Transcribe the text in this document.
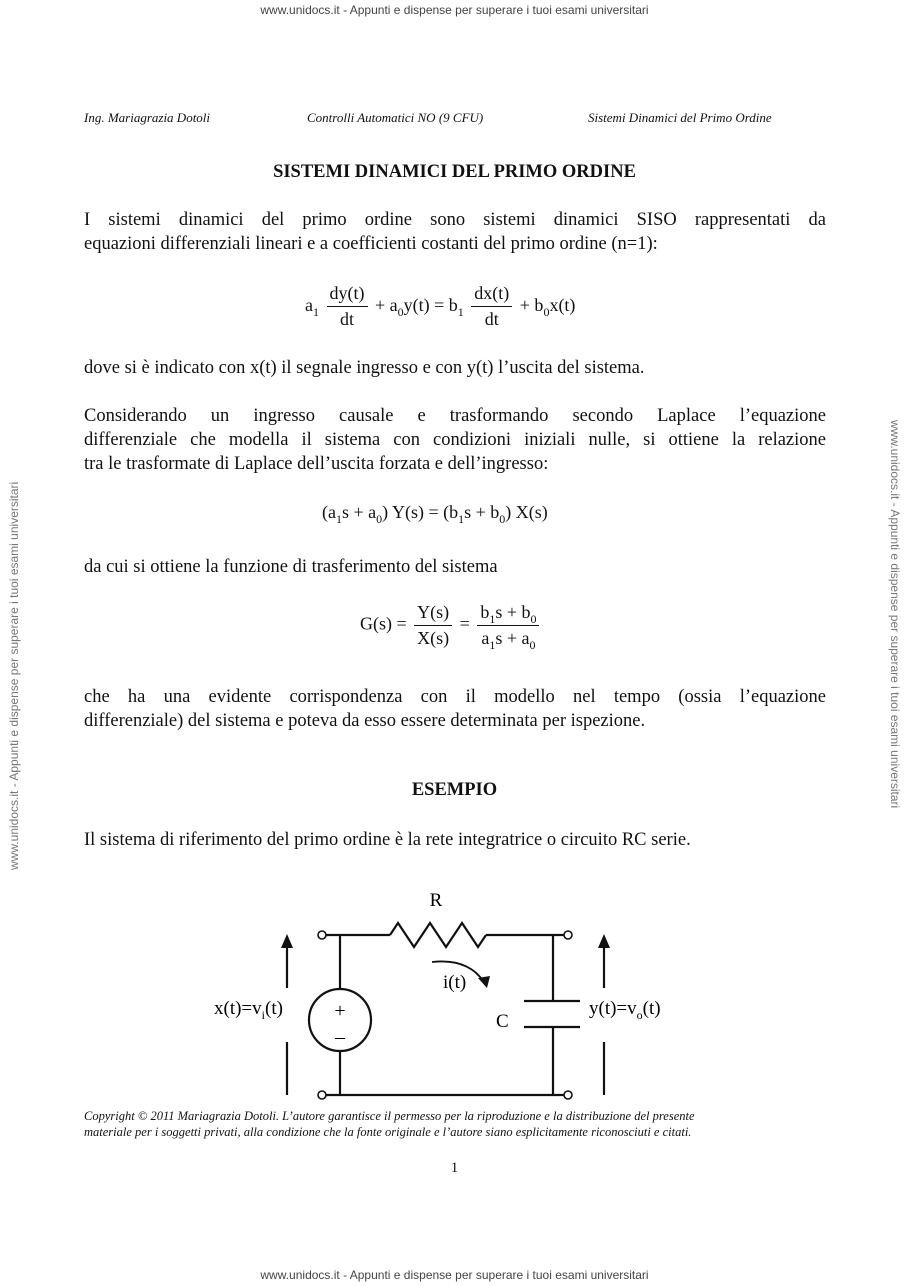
www.unidocs.it - Appunti e dispense per superare i tuoi esami universitari
www.unidocs.it - Appunti e dispense per superare i tuoi esami universitari
www.unidocs.it - Appunti e dispense per superare i tuoi esami universitari	www.unidocs.it - Appunti e dispense per superare i tuoi esami universitari
Ing. Mariagrazia Dotoli	Controlli Automatici NO (9 CFU)	Sistemi Dinamici del Primo Ordine
SISTEMI DINAMICI DEL PRIMO ORDINE
I sistemi dinamici del primo ordine sono sistemi dinamici SISO rappresentati da
equazioni differenziali lineari e a coefficienti costanti del primo ordine (n=1):
$a_1 \frac{dy(t)}{dt} + a_0y(t) = b_1 \frac{dx(t)}{dt} + b_0x(t)$
dove si è indicato con x(t) il segnale ingresso e con y(t) l’uscita del sistema.
Considerando un ingresso causale e trasformando secondo Laplace l’equazione
differenziale che modella il sistema con condizioni iniziali nulle, si ottiene la relazione
tra le trasformate di Laplace dell’uscita forzata e dell’ingresso:
$(a_1s + a_0) Y(s) = (b_1s + b_0)$ X(s)
da cui si ottiene la funzione di trasferimento del sistema
$G(s) = \frac{Y(s)}{X(s)} = \frac{b_1s + b_0}{a_1s + a_0}$
che ha una evidente corrispondenza con il modello nel tempo (ossia l’equazione
differenziale) del sistema e poteva da esso essere determinata per ispezione.
ESEMPIO
Il sistema di riferimento del primo ordine è la rete integratrice o circuito RC serie.
R
i(t)
C
+
–
$x(t)=v_i(t)$	$y(t)=v_o(t)$
Copyright © 2011 Mariagrazia Dotoli. L’autore garantisce il permesso per la riproduzione e la distribuzione del presente
materiale per i soggetti privati, alla condizione che la fonte originale e l’autore siano esplicitamente riconosciuti e citati.
1
